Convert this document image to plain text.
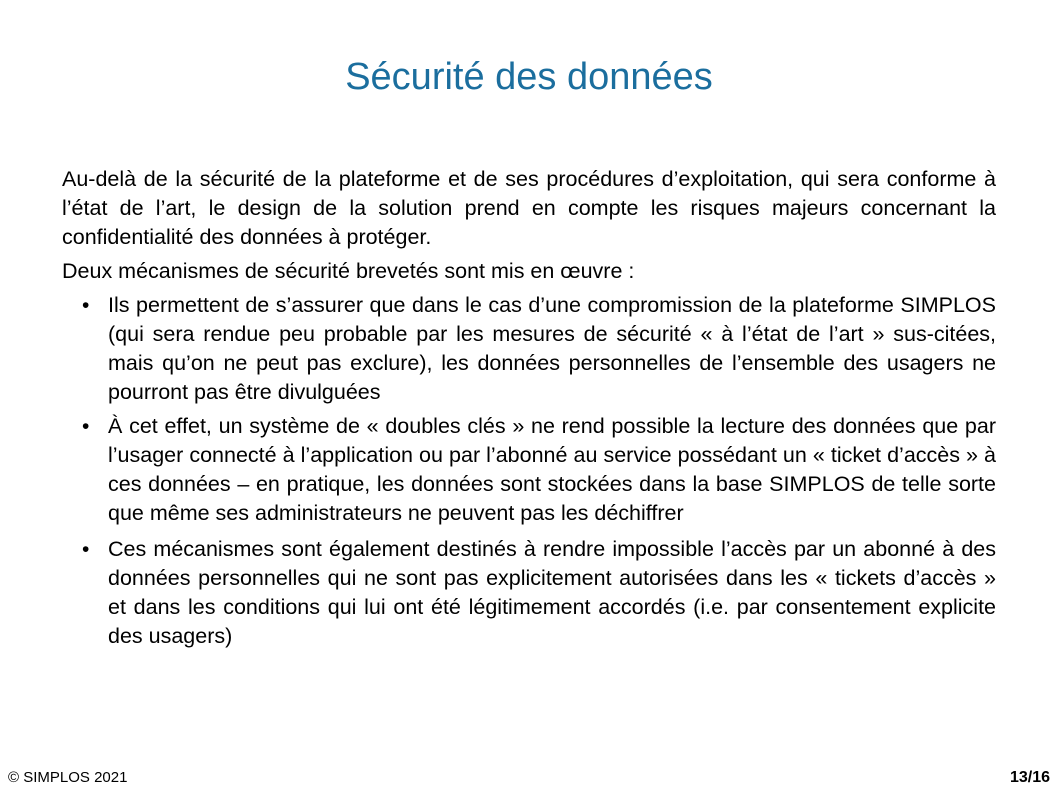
Sécurité des données

Au-delà de la sécurité de la plateforme et de ses procédures d’exploitation, qui sera conforme à l’état de l’art, le design de la solution prend en compte les risques majeurs concernant la confidentialité des données à protéger.

Deux mécanismes de sécurité brevetés sont mis en œuvre :

• Ils permettent de s’assurer que dans le cas d’une compromission de la plateforme SIMPLOS (qui sera rendue peu probable par les mesures de sécurité « à l’état de l’art » sus-citées, mais qu’on ne peut pas exclure), les données personnelles de l’ensemble des usagers ne pourront pas être divulguées
• À cet effet, un système de « doubles clés » ne rend possible la lecture des données que par l’usager connecté à l’application ou par l’abonné au service possédant un « ticket d’accès » à ces données – en pratique, les données sont stockées dans la base SIMPLOS de telle sorte que même ses administrateurs ne peuvent pas les déchiffrer
• Ces mécanismes sont également destinés à rendre impossible l’accès par un abonné à des données personnelles qui ne sont pas explicitement autorisées dans les « tickets d’accès » et dans les conditions qui lui ont été légitimement accordés (i.e. par consentement explicite des usagers)
© SIMPLOS 2021	13/16
